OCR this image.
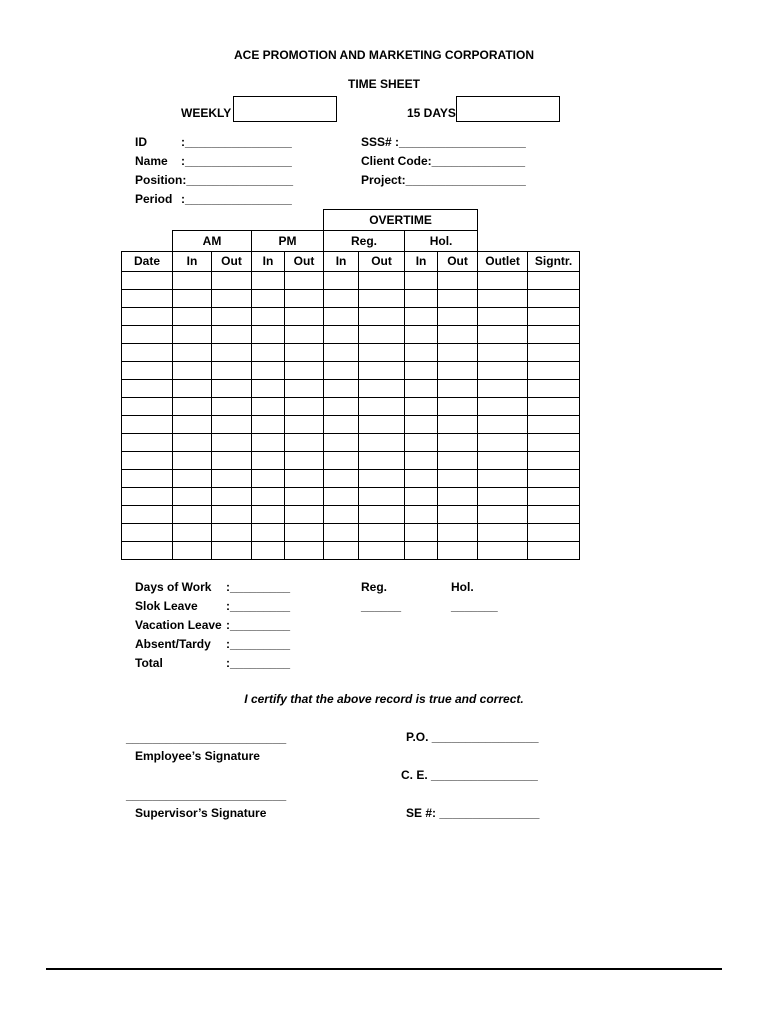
ACE PROMOTION AND MARKETING CORPORATION
TIME SHEET
WEEKLY	15 DAYS
ID	:________________
Name :________________
Position:________________
Period :________________
SSS# :___________________
Client Code:______________
Project:__________________
					OVERTIME					
	AM		PM		Reg.		Hol.			
Date	In	Out	In	Out	In	Out	In	Out	Outlet	Signtr.

Days of Work :_________
Slok Leave :_________
Vacation Leave :_________
Absent/Tardy :_________
Total	:_________
Reg.	Hol.
______	_______
I certify that the above record is true and correct.
________________________
Employee’s Signature
________________________
Supervisor’s Signature
P.O. ________________
C. E. ________________
SE #: _______________
